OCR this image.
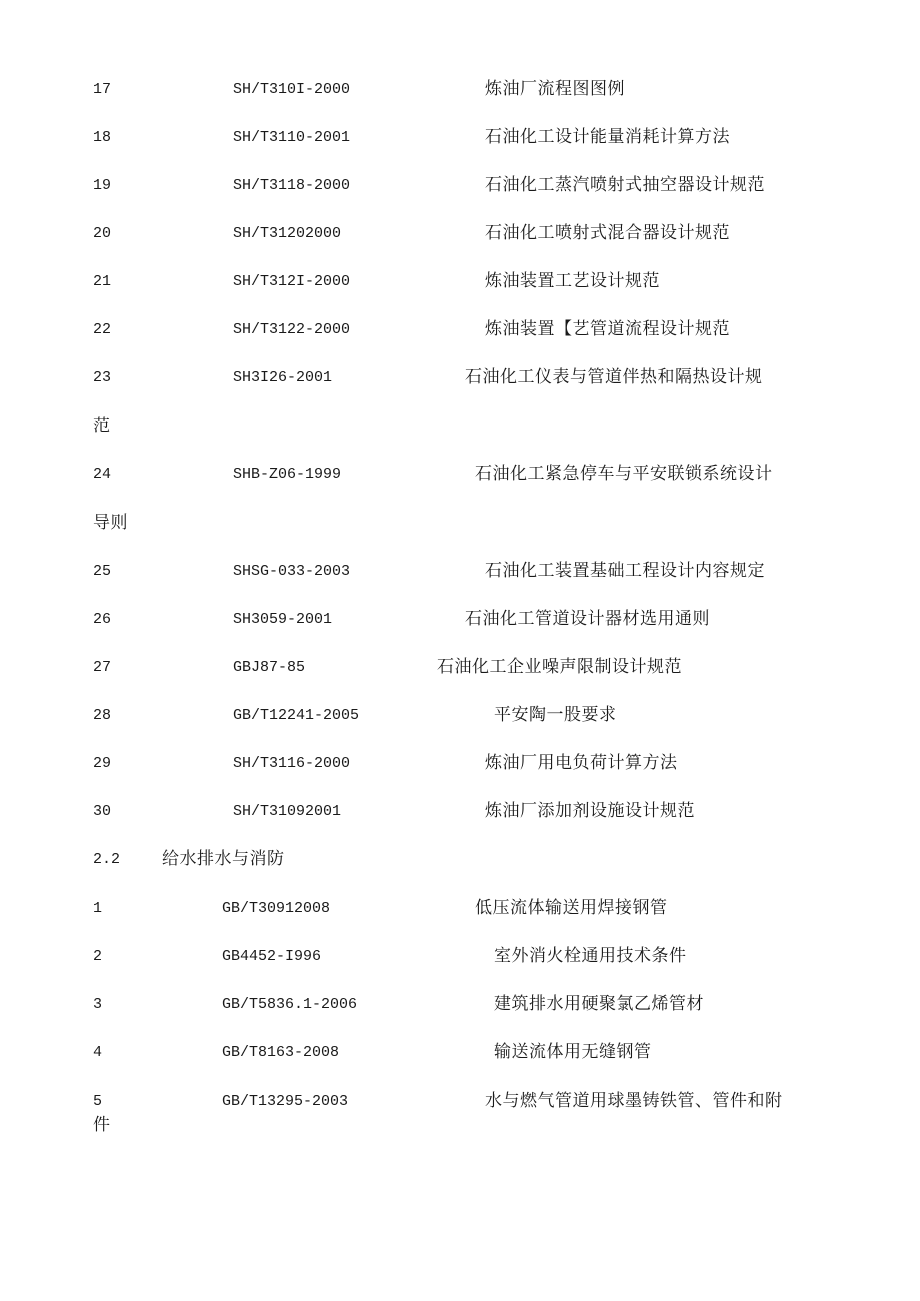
17	SH/T310I-2000	炼油厂流程图图例
18	SH/T3110-2001	石油化工设计能量消耗计算方法
19	SH/T3118-2000	石油化工蒸汽喷射式抽空器设计规范
20	SH/T31202000	石油化工喷射式混合器设计规范
21	SH/T312I-2000	炼油装置工艺设计规范
22	SH/T3122-2000	炼油装置【艺管道流程设计规范
23	SH3I26-2001	石油化工仪表与管道伴热和隔热设计规
范
24	SHB-Z06-1999	石油化工紧急停车与平安联锁系统设计
导则
25	SHSG-033-2003	石油化工装置基础工程设计内容规定
26	SH3059-2001	石油化工管道设计器材选用通则
27	GBJ87-85	石油化工企业噪声限制设计规范
28	GB/T12241-2005	平安陶一股要求
29	SH/T3116-2000	炼油厂用电负荷计算方法
30	SH/T31092001	炼油厂添加剂设施设计规范
2.2 给水排水与消防
1	GB/T30912008	低压流体输送用焊接钢管
2	GB4452-I996	室外消火栓通用技术条件
3	GB/T5836.1-2006	建筑排水用硬聚氯乙烯管材
4	GB/T8163-2008	输送流体用无缝钢管
5	GB/T13295-2003	水与燃气管道用球墨铸铁管、管件和附
件
